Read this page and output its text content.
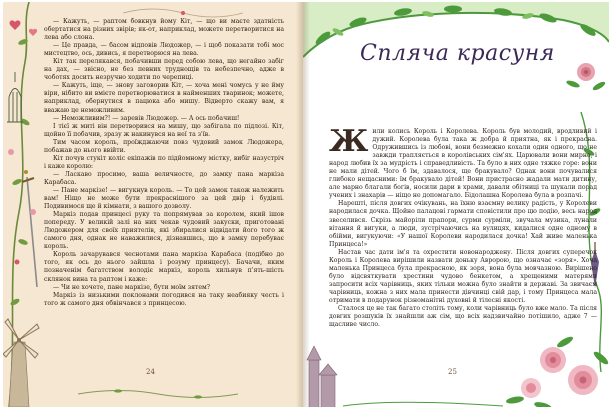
— Кажуть, — раптом бовкнув йому Кіт, — що ви маєте здатність обертатися на різних звірів; як-от, наприклад, можете перетворитися на лева або слона.

— Це правда, — басом відповів Людожер, — і щоб показати тобі мос мистецтво, ось, дивись, я перетворюся на лева.

Кіт так перелякався, побачивши перед собою лева, що негайно забіг на дах, — звісно, не без певних труднощів та небезпечно, адже в чоботях досить незручно ходити по черепиці.

— Кажуть, іще, — знову заговорив Кіт, — хоча мені чомусь у не йму віри, нібито ви вмієте перетворюватися в найменших тваринок; можете, наприклад, обернутися в пацюка або мишу. Відверто скажу вам, я вважаю це неможливим.

— Неможливим?! — заревів Людожер. — А ось побачиш!

І тієї ж миті він перетворився на мишу, що забігала по підлозі. Кіт, щойно її побачив, зразу ж накинувся на неї та з'їв.

Тим часом король, проїжджаючи повз чудовий замок Людожера, побажав до нього ввійти.

Кіт почув стукіт коліс екіпажів по підйомному містку, вибіг назустріч і каже королю:

— Ласкаво просимо, ваша величносте, до замку пана маркіза Карабаса.

— Пане маркізе! — вигукнув король. — То цей замок також належить вам! Ніщо не може бути прекраснішого за цей двір і будівлі. Подивимося ще й кімнати, з вашого дозволу.

Маркіз подав принцесі руку та попрямував за королем, який ішов попереду. У великій залі на них чекав чудовий закуски, приготовані Людожером для своїх приятелів, які збиралися відвідати його того ж самого дня, однак не наважилися, дізнавшись, що в замку перебуває король.

Король зачарувався чеснотами пана маркіза Карабаса (подібно до того, як ось до нього зайшла і розуму принцесу). Бачачи, яким позначенім багатством володіє маркіз, король хильнув п'ять-шість склянок вина та раптом і каже:

— Чи не хочете, пане маркізе, бути моїм зятем?

Маркіз із низькими поклонами погодився на таку неабияку честь і того ж самого дня обвінчався з принцесою.

24
Спляча красуня

Жили колись Король і Королева. Король був молодий, вродливий і дужий. Королева була така ж добра й приятна, як і прекрасна. Одружившись із любові, вони безмежно кохали один одного, що не завжди трапляється в королівських сім'ях. Царювали вони мирно, і народ любив їх за мудрість і справедливість. Та було в них одне тяжке горе: вони не мали дітей. Чого б їм, здавалося, ще бракувало? Однак вони почувалися глибоко нещасними: їм бракувало дітей! Вони пристрасно жадали мати дитину, але марно благали богів, носили дари в храми, давали обітниці та шукали порад учених і знахарів — ніщо не допомагало. Бідолашна Королева була в розпачі.

Нарешті, після довгих очікувань, на їхню взаємну велику радість, у Королеви народилася дочка. Щойно палацові гармати сповістили про цю подію, весь народ звеселився. Скрізь майоріли прапори, сурми сурміли, звучала музика, лунали вітання й вигуки, а люди, зустрічаючись на вулицях, кидалися одне одному в обійми, вигукуючи: «У нашої Королеви народилася дочка! Хай живе маленька Принцеса!»

Настав час дати ім'я та охрестити новонароджену. Після довгих суперечок Король і Королева вирішили назвати доньку Авророю, що означає «зоря». Хоча маленька Принцеса була прекрасною, як зоря, вона була мовчазною. Вирішено було відсвяткувати хрестини чудово бенкетом, а хрещеними матерями запросити всіх чарівниць, яких тільки можна було знайти в державі. За звичаєм чарівниць, кожна з них мала принести дівчинці свій дар, і тому Принцеса мала отримати в подарунок різноманітні духовні й тілесні якості.

Сталося це не так багато століть тому, коли чарівниць було вже мало. Та після довгих розшуків їх знайшли аж сім, що всіх надзвичайно потішило, адже 7 — щасливе число.

25
